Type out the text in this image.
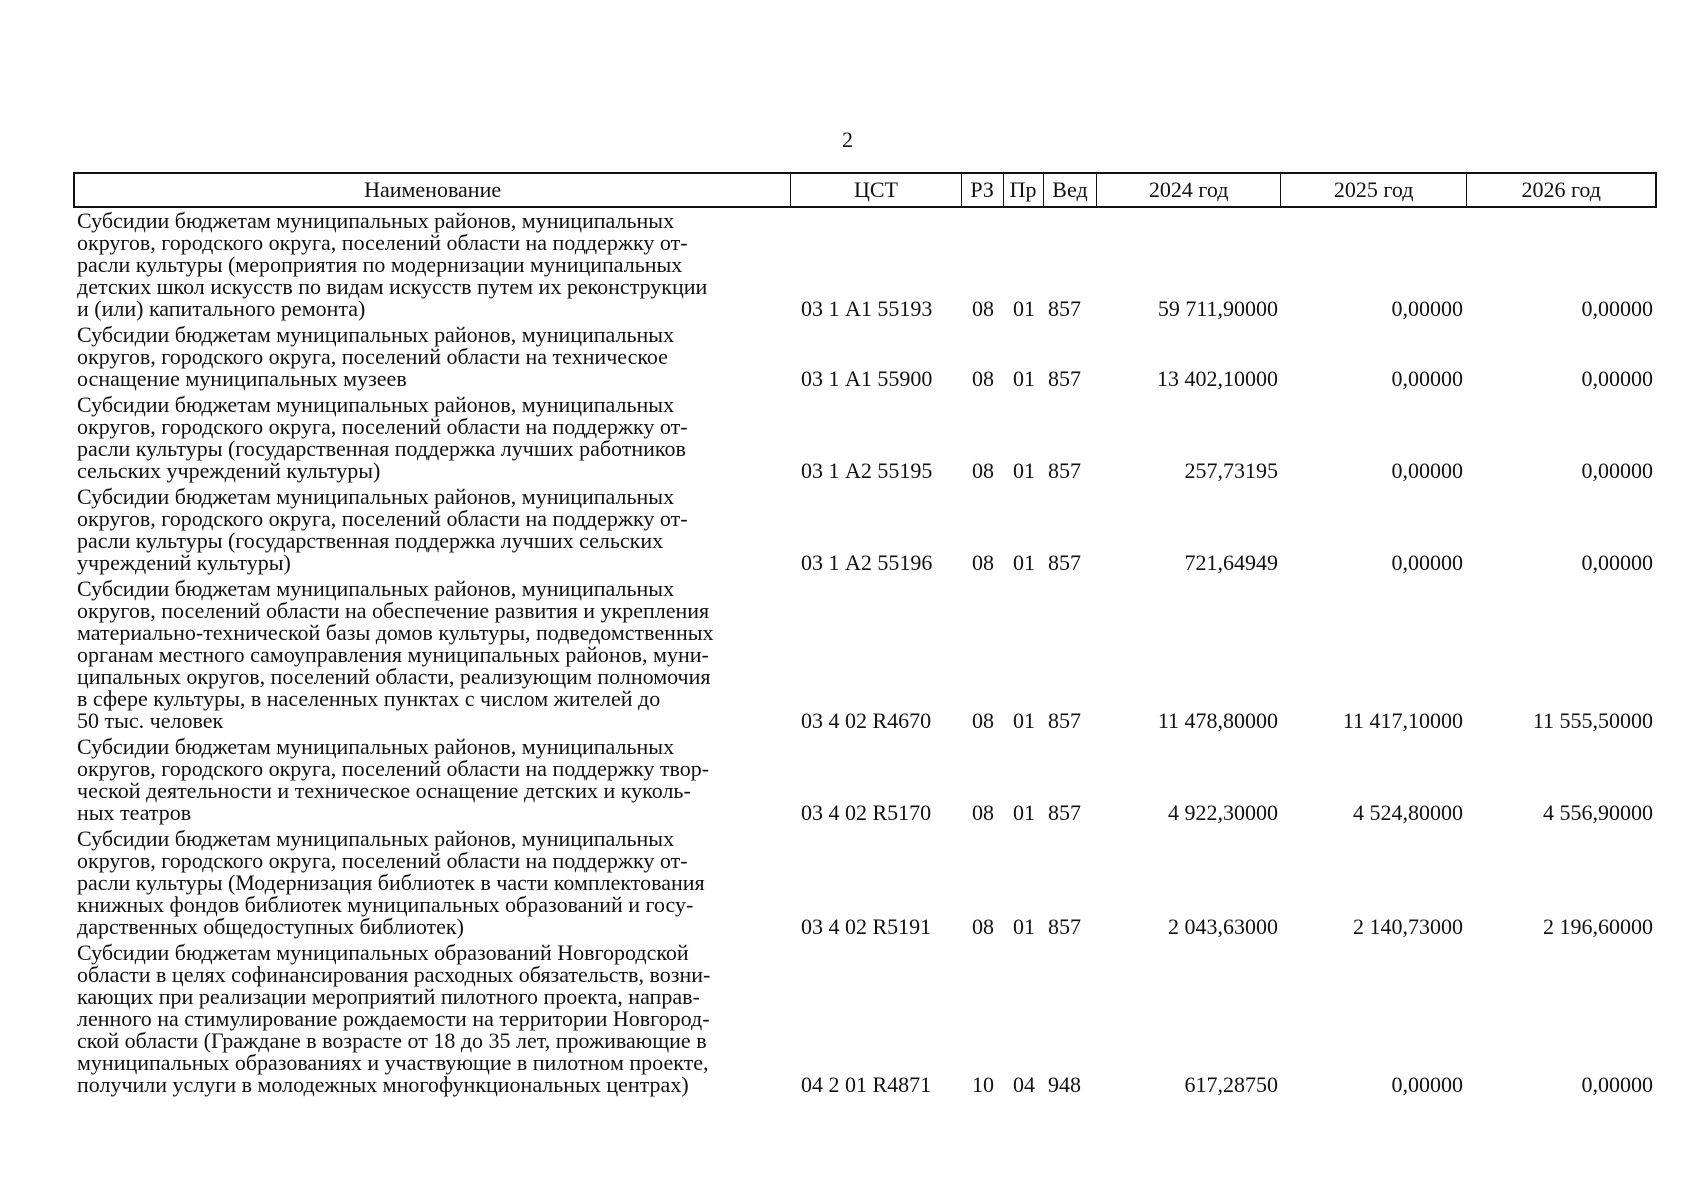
2
Наименование	ЦСТ	РЗ Пр Вед	2024 год	2025 год	2026 год
Субсидии бюджетам муниципальных районов, муниципальных
округов, городского округа, поселений области на поддержку от-
расли культуры (мероприятия по модернизации муниципальных
детских школ искусств по видам искусств путем их реконструкции
и (или) капитального ремонта)	03 1 А1 55193	08 01 857	59 711,90000	0,00000	0,00000
Субсидии бюджетам муниципальных районов, муниципальных
округов, городского округа, поселений области на техническое
оснащение муниципальных музеев	03 1 А1 55900	08 01 857	13 402,10000	0,00000	0,00000
Субсидии бюджетам муниципальных районов, муниципальных
округов, городского округа, поселений области на поддержку от-
расли культуры (государственная поддержка лучших работников
сельских учреждений культуры)	03 1 А2 55195	08 01 857	257,73195	0,00000	0,00000
Субсидии бюджетам муниципальных районов, муниципальных
округов, городского округа, поселений области на поддержку от-
расли культуры (государственная поддержка лучших сельских
учреждений культуры)	03 1 А2 55196	08 01 857	721,64949	0,00000	0,00000
Субсидии бюджетам муниципальных районов, муниципальных
округов, поселений области на обеспечение развития и укрепления
материально-технической базы домов культуры, подведомственных
органам местного самоуправления муниципальных районов, муни-
ципальных округов, поселений области, реализующим полномочия
в сфере культуры, в населенных пунктах с числом жителей до
50 тыс. человек	03 4 02 R4670	08 01 857	11 478,80000	11 417,10000	11 555,50000
Субсидии бюджетам муниципальных районов, муниципальных
округов, городского округа, поселений области на поддержку твор-
ческой деятельности и техническое оснащение детских и куколь-
ных театров	03 4 02 R5170	08 01 857	4 922,30000	4 524,80000	4 556,90000
Субсидии бюджетам муниципальных районов, муниципальных
округов, городского округа, поселений области на поддержку от-
расли культуры (Модернизация библиотек в части комплектования
книжных фондов библиотек муниципальных образований и госу-
дарственных общедоступных библиотек)	03 4 02 R5191	08 01 857	2 043,63000	2 140,73000	2 196,60000
Субсидии бюджетам муниципальных образований Новгородской
области в целях софинансирования расходных обязательств, возни-
кающих при реализации мероприятий пилотного проекта, направ-
ленного на стимулирование рождаемости на территории Новгород-
ской области (Граждане в возрасте от 18 до 35 лет, проживающие в
муниципальных образованиях и участвующие в пилотном проекте,
получили услуги в молодежных многофункциональных центрах)	04 2 01 R4871	10 04 948	617,28750	0,00000	0,00000
